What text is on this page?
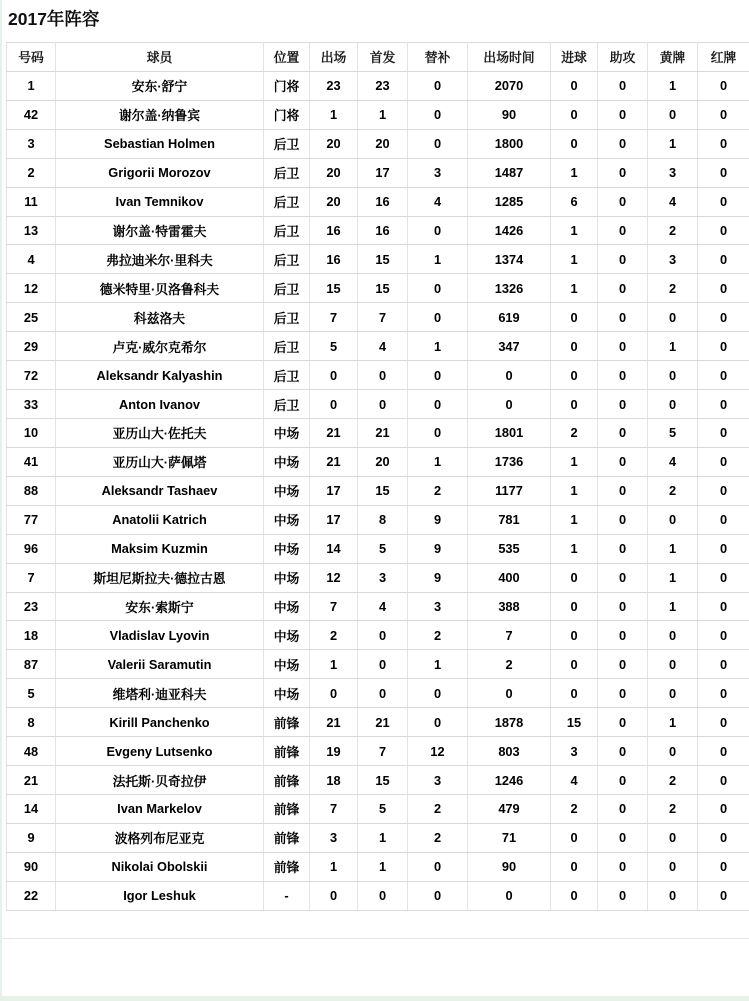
2017年阵容
号码	球员	位置	出场	首发	替补	出场时间	进球	助攻	黄牌	红牌
1	安东·舒宁	门将	23	23	0	2070	0	0	1	0
42	谢尔盖·纳鲁宾	门将	1	1	0	90	0	0	0	0
3	Sebastian Holmen	后卫	20	20	0	1800	0	0	1	0
2	Grigorii Morozov	后卫	20	17	3	1487	1	0	3	0
11	Ivan Temnikov	后卫	20	16	4	1285	6	0	4	0
13	谢尔盖·特雷霍夫	后卫	16	16	0	1426	1	0	2	0
4	弗拉迪米尔·里科夫	后卫	16	15	1	1374	1	0	3	0
12	德米特里·贝洛鲁科夫	后卫	15	15	0	1326	1	0	2	0
25	科兹洛夫	后卫	7	7	0	619	0	0	0	0
29	卢克·威尔克希尔	后卫	5	4	1	347	0	0	1	0
72	Aleksandr Kalyashin	后卫	0	0	0	0	0	0	0	0
33	Anton Ivanov	后卫	0	0	0	0	0	0	0	0
10	亚历山大·佐托夫	中场	21	21	0	1801	2	0	5	0
41	亚历山大·萨佩塔	中场	21	20	1	1736	1	0	4	0
88	Aleksandr Tashaev	中场	17	15	2	1177	1	0	2	0
77	Anatolii Katrich	中场	17	8	9	781	1	0	0	0
96	Maksim Kuzmin	中场	14	5	9	535	1	0	1	0
7	斯坦尼斯拉夫·德拉古恩	中场	12	3	9	400	0	0	1	0
23	安东·索斯宁	中场	7	4	3	388	0	0	1	0
18	Vladislav Lyovin	中场	2	0	2	7	0	0	0	0
87	Valerii Saramutin	中场	1	0	1	2	0	0	0	0
5	维塔利·迪亚科夫	中场	0	0	0	0	0	0	0	0
8	Kirill Panchenko	前锋	21	21	0	1878	15	0	1	0
48	Evgeny Lutsenko	前锋	19	7	12	803	3	0	0	0
21	法托斯·贝奇拉伊	前锋	18	15	3	1246	4	0	2	0
14	Ivan Markelov	前锋	7	5	2	479	2	0	2	0
9	波格列布尼亚克	前锋	3	1	2	71	0	0	0	0
90	Nikolai Obolskii	前锋	1	1	0	90	0	0	0	0
22	Igor Leshuk	-	0	0	0	0	0	0	0	0
